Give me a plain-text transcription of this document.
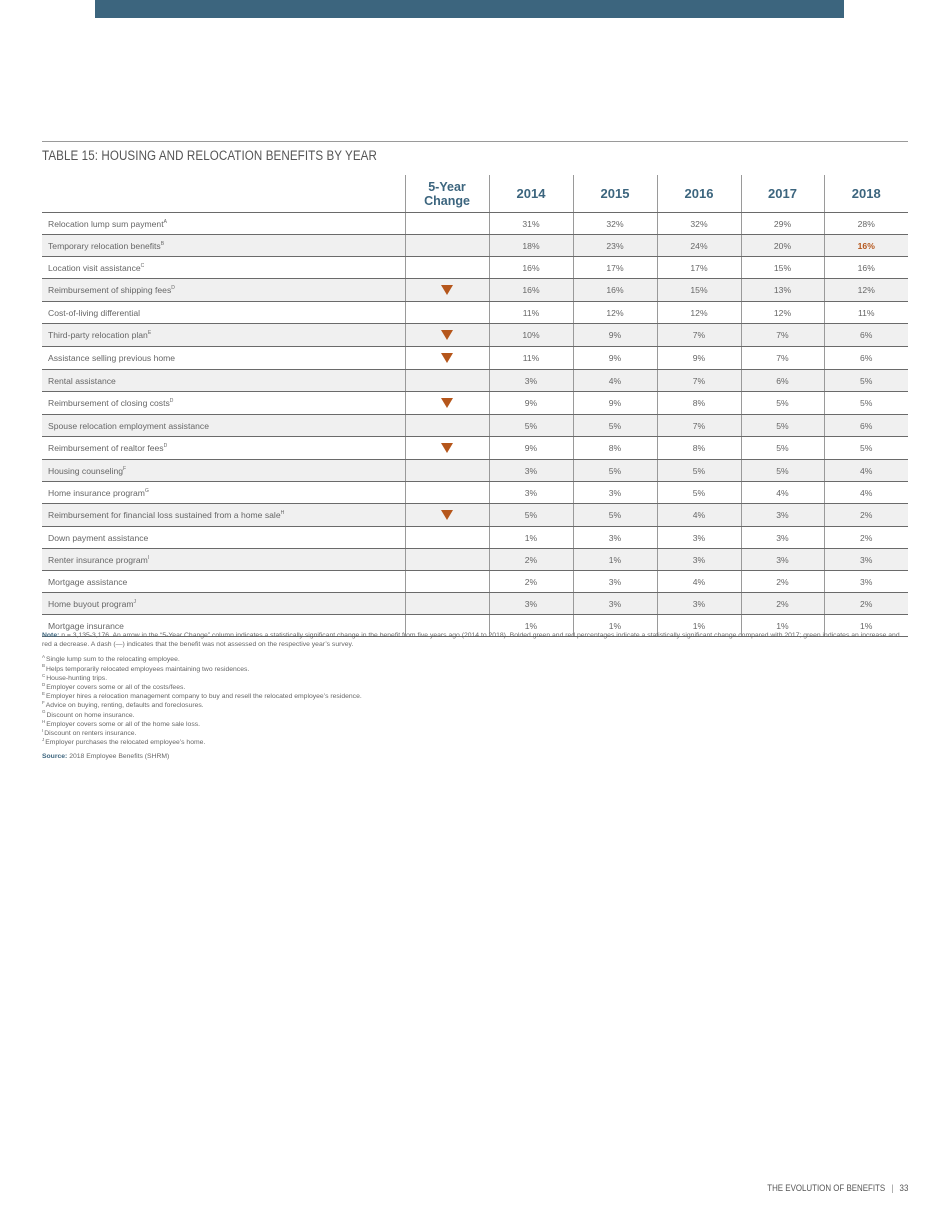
TABLE 15: HOUSING AND RELOCATION BENEFITS BY YEAR
	5-Year Change	2014	2015	2016	2017	2018
Relocation lump sum payment$^A$		31%	32%	32%	29%	28%
Temporary relocation benefits$^B$		18%	23%	24%	20%	16%
Location visit assistance$^C$		16%	17%	17%	15%	16%
Reimbursement of shipping fees$^D$		16%	16%	15%	13%	12%
Cost-of-living differential		11%	12%	12%	12%	11%
Third-party relocation plan$^E$		10%	9%	7%	7%	6%
Assistance selling previous home		11%	9%	9%	7%	6%
Rental assistance		3%	4%	7%	6%	5%
Reimbursement of closing costs$^D$		9%	9%	8%	5%	5%
Spouse relocation employment assistance		5%	5%	7%	5%	6%
Reimbursement of realtor fees$^D$		9%	8%	8%	5%	5%
Housing counseling$^F$		3%	5%	5%	5%	4%
Home insurance program$^G$		3%	3%	5%	4%	4%
Reimbursement for financial loss sustained from a home sale$^H$		5%	5%	4%	3%	2%
Down payment assistance		1%	3%	3%	3%	2%
Renter insurance program$^I$		2%	1%	3%	3%	3%
Mortgage assistance		2%	3%	4%	2%	3%
Home buyout program$^J$		3%	3%	3%	2%	2%
Mortgage insurance		1%	1%	1%	1%	1%

Note: n = 3,135-3,176. An arrow in the “5-Year Change” column indicates a statistically significant change in the benefit from five years ago (2014 to 2018). Bolded green and red percentages indicate a statistically significant change compared with 2017; green indicates an increase and red a decrease. A dash (—) indicates that the benefit was not assessed on the respective year’s survey.

$^A$Single lump sum to the relocating employee.

$^B$Helps temporarily relocated employees maintaining two residences.

$^C$House-hunting trips.

$^D$Employer covers some or all of the costs/fees.

$^E$Employer hires a relocation management company to buy and resell the relocated employee’s residence.

$^F$Advice on buying, renting, defaults and foreclosures.

$^G$Discount on home insurance.

$^H$Employer covers some or all of the home sale loss.

$^I$Discount on renters insurance.

$^J$Employer purchases the relocated employee’s home.

Source: 2018 Employee Benefits (SHRM)

THE EVOLUTION OF BENEFITS | 33
